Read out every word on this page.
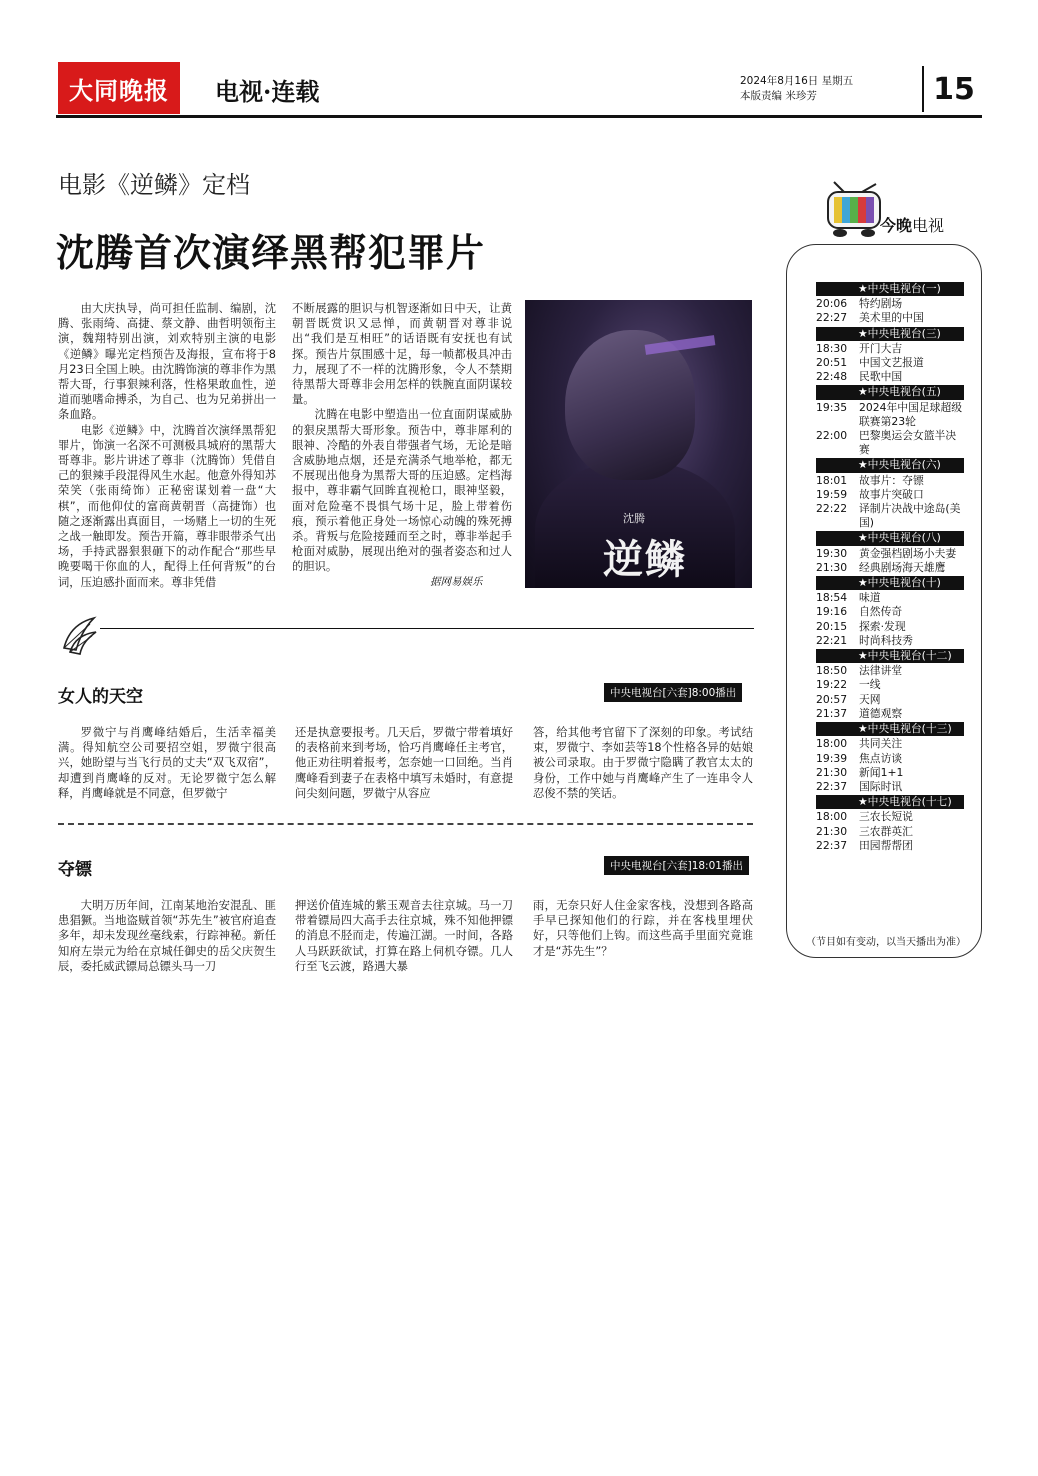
大同晚报	电视·连载	2024年8月16日 星期五
本版责编 米珍芳	15
电影《逆鳞》定档
沈腾首次演绎黑帮犯罪片

由大庆执导，尚可担任监制、编剧，沈腾、张雨绮、高捷、蔡文静、曲哲明领衔主演，魏翔特别出演，刘欢特别主演的电影《逆鳞》曝光定档预告及海报，宣布将于8月23日全国上映。由沈腾饰演的尊非作为黑帮大哥，行事狠辣利落，性格果敢血性，逆道而驰嗜命搏杀，为自己、也为兄弟拼出一条血路。

电影《逆鳞》中，沈腾首次演绎黑帮犯罪片，饰演一名深不可测极具城府的黑帮大哥尊非。影片讲述了尊非（沈腾饰）凭借自己的狠辣手段混得风生水起。他意外得知苏荣笑（张雨绮饰）正秘密谋划着一盘“大棋”，而他仰仗的富商黄朝晋（高捷饰）也随之逐渐露出真面目，一场赌上一切的生死之战一触即发。预告开篇，尊非眼带杀气出场，手持武器狠狠砸下的动作配合“那些早晚要喝干你血的人，配得上任何背叛”的台词，压迫感扑面而来。尊非凭借

不断展露的胆识与机智逐渐如日中天，让黄朝晋既赏识又忌惮，而黄朝晋对尊非说出“我们是互相旺”的话语既有安抚也有试探。预告片氛围感十足，每一帧都极具冲击力，展现了不一样的沈腾形象，令人不禁期待黑帮大哥尊非会用怎样的铁腕直面阴谋较量。

沈腾在电影中塑造出一位直面阴谋威胁的狠戾黑帮大哥形象。预告中，尊非犀利的眼神、冷酷的外表自带强者气场，无论是暗含威胁地点烟，还是充满杀气地举枪，都无不展现出他身为黑帮大哥的压迫感。定档海报中，尊非霸气回眸直视枪口，眼神坚毅，面对危险毫不畏惧气场十足，脸上带着伤痕，预示着他正身处一场惊心动魄的殊死搏杀。背叛与危险接踵而至之时，尊非举起手枪面对威胁，展现出绝对的强者姿态和过人的胆识。

据网易娱乐
沈腾
逆鳞
女人的天空	中央电视台[六套]8:00播出

罗微宁与肖鹰峰结婚后，生活幸福美满。得知航空公司要招空姐，罗微宁很高兴，她盼望与当飞行员的丈夫“双飞双宿”，却遭到肖鹰峰的反对。无论罗微宁怎么解释，肖鹰峰就是不同意，但罗微宁

还是执意要报考。几天后，罗微宁带着填好的表格前来到考场，恰巧肖鹰峰任主考官，他正劝往明着报考，怎奈她一口回绝。当肖鹰峰看到妻子在表格中填写未婚时，有意提问尖刻问题，罗微宁从容应

答，给其他考官留下了深刻的印象。考试结束，罗微宁、李如芸等18个性格各异的姑娘被公司录取。由于罗微宁隐瞒了教官太太的身份，工作中她与肖鹰峰产生了一连串令人忍俊不禁的笑话。

夺镖	中央电视台[六套]18:01播出

大明万历年间，江南某地治安混乱、匪患猖獗。当地盗贼首领“苏先生”被官府追查多年，却未发现丝毫线索，行踪神秘。新任知府左崇元为给在京城任御史的岳父庆贺生辰，委托威武镖局总镖头马一刀

押送价值连城的紫玉观音去往京城。马一刀带着镖局四大高手去往京城，殊不知他押镖的消息不胫而走，传遍江湖。一时间，各路人马跃跃欲试，打算在路上伺机夺镖。几人行至飞云渡，路遇大暴

雨，无奈只好人住金家客栈，没想到各路高手早已探知他们的行踪，并在客栈里埋伏好，只等他们上钩。而这些高手里面究竟谁才是“苏先生”？

今晚电视
★中央电视台(一)
20:06	特约剧场
22:27	美术里的中国
★中央电视台(三)
18:30	开门大吉
20:51	中国文艺报道
22:48	民歌中国
★中央电视台(五)
19:35	2024年中国足球超级联赛第23轮
22:00	巴黎奥运会女篮半决赛
★中央电视台(六)
18:01	故事片：夺镖
19:59	故事片突破口
22:22	译制片决战中途岛(美国)
★中央电视台(八)
19:30	黄金强档剧场小夫妻
21:30	经典剧场海天雄鹰
★中央电视台(十)
18:54	味道
19:16	自然传奇
20:15	探索·发现
22:21	时尚科技秀
★中央电视台(十二)
18:50	法律讲堂
19:22	一线
20:57	天网
21:37	道德观察
★中央电视台(十三)
18:00	共同关注
19:39	焦点访谈
21:30	新闻1+1
22:37	国际时讯
★中央电视台(十七)
18:00	三农长短说
21:30	三农群英汇
22:37	田园帮帮团
（节目如有变动，以当天播出为准）
